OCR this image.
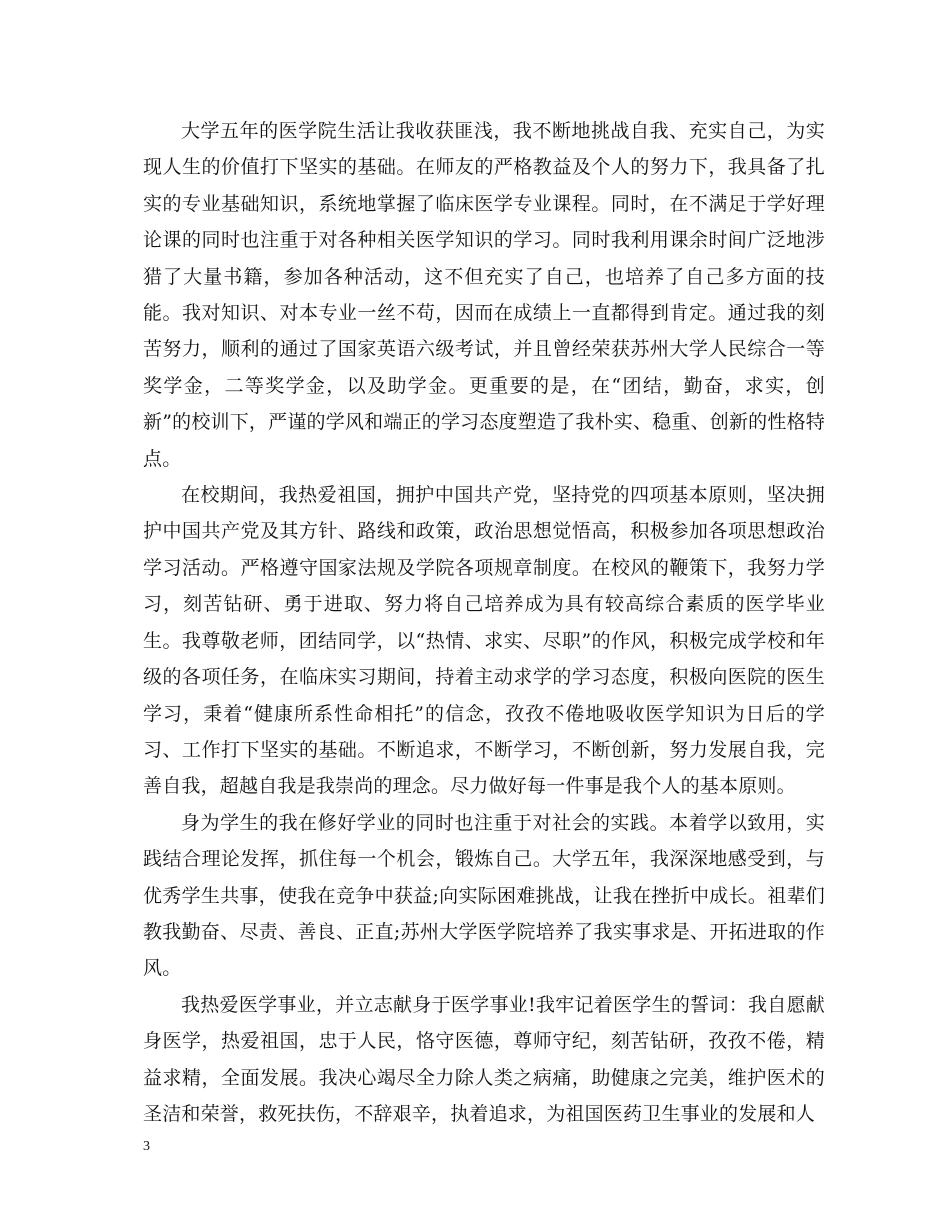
大学五年的医学院生活让我收获匪浅，我不断地挑战自我、充实自己，为实现人生的价值打下坚实的基础。在师友的严格教益及个人的努力下，我具备了扎实的专业基础知识，系统地掌握了临床医学专业课程。同时，在不满足于学好理论课的同时也注重于对各种相关医学知识的学习。同时我利用课余时间广泛地涉猎了大量书籍，参加各种活动，这不但充实了自己，也培养了自己多方面的技能。我对知识、对本专业一丝不苟，因而在成绩上一直都得到肯定。通过我的刻苦努力，顺利的通过了国家英语六级考试，并且曾经荣获苏州大学人民综合一等奖学金，二等奖学金，以及助学金。更重要的是，在“团结，勤奋，求实，创新”的校训下，严谨的学风和端正的学习态度塑造了我朴实、稳重、创新的性格特点。

在校期间，我热爱祖国，拥护中国共产党，坚持党的四项基本原则，坚决拥护中国共产党及其方针、路线和政策，政治思想觉悟高，积极参加各项思想政治学习活动。严格遵守国家法规及学院各项规章制度。在校风的鞭策下，我努力学习，刻苦钻研、勇于进取、努力将自己培养成为具有较高综合素质的医学毕业生。我尊敬老师，团结同学，以“热情、求实、尽职”的作风，积极完成学校和年级的各项任务，在临床实习期间，持着主动求学的学习态度，积极向医院的医生学习，秉着“健康所系性命相托”的信念，孜孜不倦地吸收医学知识为日后的学习、工作打下坚实的基础。不断追求，不断学习，不断创新，努力发展自我，完善自我，超越自我是我崇尚的理念。尽力做好每一件事是我个人的基本原则。

身为学生的我在修好学业的同时也注重于对社会的实践。本着学以致用，实践结合理论发挥，抓住每一个机会，锻炼自己。大学五年，我深深地感受到，与优秀学生共事，使我在竞争中获益;向实际困难挑战，让我在挫折中成长。祖辈们教我勤奋、尽责、善良、正直;苏州大学医学院培养了我实事求是、开拓进取的作风。

我热爱医学事业，并立志献身于医学事业!我牢记着医学生的誓词：我自愿献身医学，热爱祖国，忠于人民，恪守医德，尊师守纪，刻苦钻研，孜孜不倦，精益求精，全面发展。我决心竭尽全力除人类之病痛，助健康之完美，维护医术的圣洁和荣誉，救死扶伤，不辞艰辛，执着追求，为祖国医药卫生事业的发展和人

3
